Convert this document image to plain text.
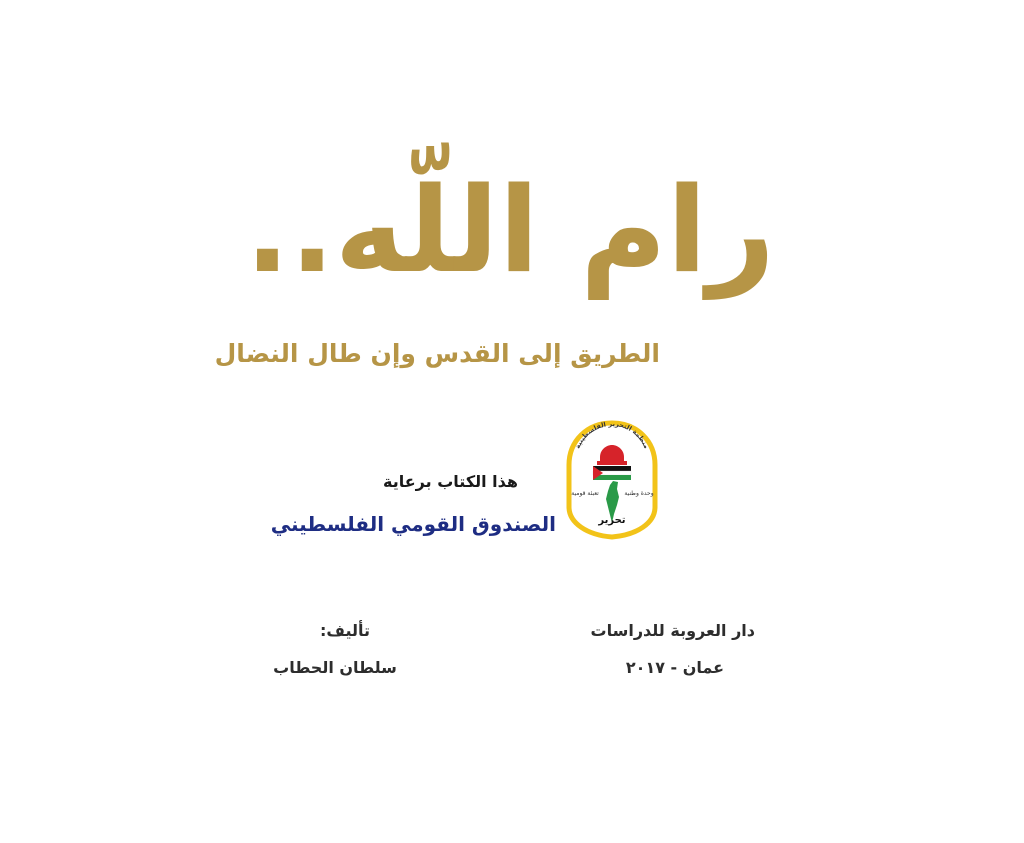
رام اللّه..
الطريق إلى القدس وإن طال النضال
هذا الكتاب برعاية
الصندوق القومي الفلسطيني
منظمة التحرير الفلسطينية
تعبئة قومية	وحدة وطنية
تحرير
دار العروبة للدراسات
عمان - ٢٠١٧
تأليف:
سلطان الحطاب
